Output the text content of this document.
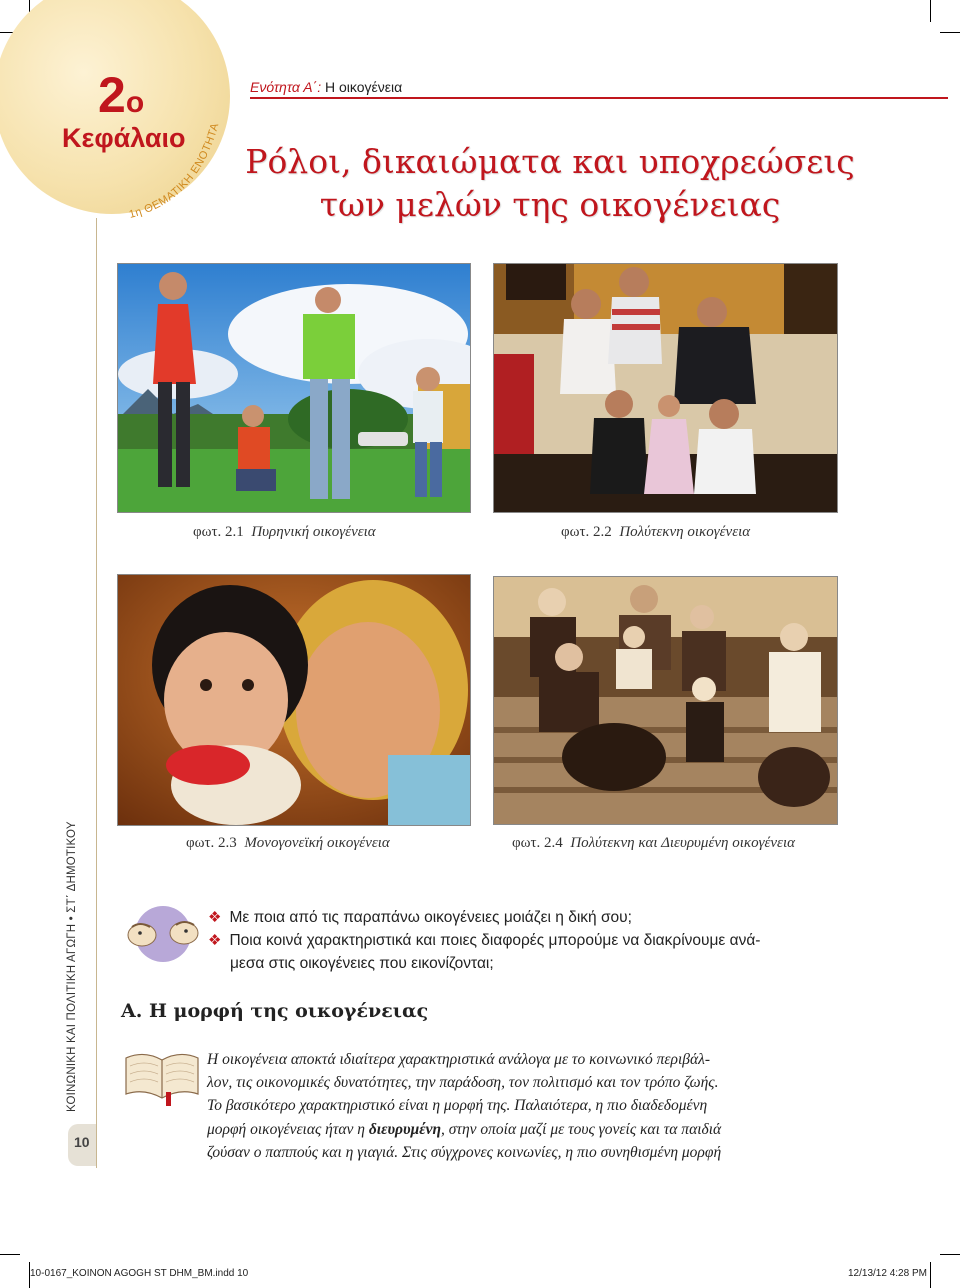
2ο
Κεφάλαιο
1η ΘΕΜΑΤΙΚΗ ΕΝΟΤΗΤΑ
Ενότητα Α΄: Η οικογένεια
Ρόλοι, δικαιώματα και υποχρεώσεις
των μελών της οικογένειας
φωτ. 2.1 Πυρηνική οικογένεια	φωτ. 2.2 Πολύτεκνη οικογένεια
φωτ. 2.3 Μονογονεϊκή οικογένεια	φωτ. 2.4 Πολύτεκνη και Διευρυμένη οικογένεια
ΚΟΙΝΩΝΙΚΗ ΚΑΙ ΠΟΛΙΤΙΚΗ ΑΓΩΓΗ • ΣΤ΄ ΔΗΜΟΤΙΚΟΥ
10
❖ Με ποια από τις παραπάνω οικογένειες μοιάζει η δική σου;
❖ Ποια κοινά χαρακτηριστικά και ποιες διαφορές μπορούμε να διακρίνουμε ανά-
μεσα στις οικογένειες που εικονίζονται;
Α. Η μορφή της οικογένειας

Η οικογένεια αποκτά ιδιαίτερα χαρακτηριστικά ανάλογα με το κοινωνικό περιβάλ-

λον, τις οικονομικές δυνατότητες, την παράδοση, τον πολιτισμό και τον τρόπο ζωής.

Το βασικότερο χαρακτηριστικό είναι η μορφή της. Παλαιότερα, η πιο διαδεδομένη

μορφή οικογένειας ήταν η διευρυμένη, στην οποία μαζί με τους γονείς και τα παιδιά

ζούσαν ο παππούς και η γιαγιά. Στις σύγχρονες κοινωνίες, η πιο συνηθισμένη μορφή

10-0167_KOINON AGOGH ST DHM_BM.indd 10	12/13/12 4:28 PM
